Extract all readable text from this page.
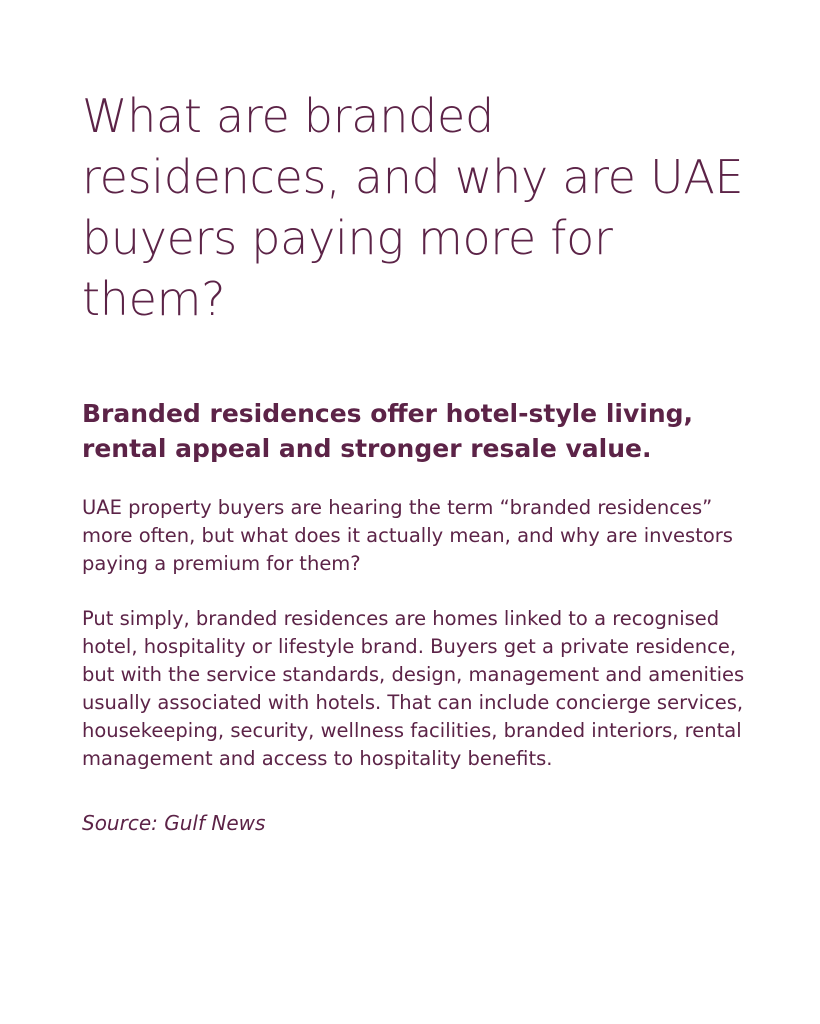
What are branded residences, and why are UAE buyers paying more for them?
Branded residences offer hotel-style living, rental appeal and stronger resale value.

UAE property buyers are hearing the term “branded residences” more often, but what does it actually mean, and why are investors paying a premium for them?

Put simply, branded residences are homes linked to a recognised hotel, hospitality or lifestyle brand. Buyers get a private residence, but with the service standards, design, management and amenities usually associated with hotels. That can include concierge services, housekeeping, security, wellness facilities, branded interiors, rental management and access to hospitality benefits.

Source: Gulf News
